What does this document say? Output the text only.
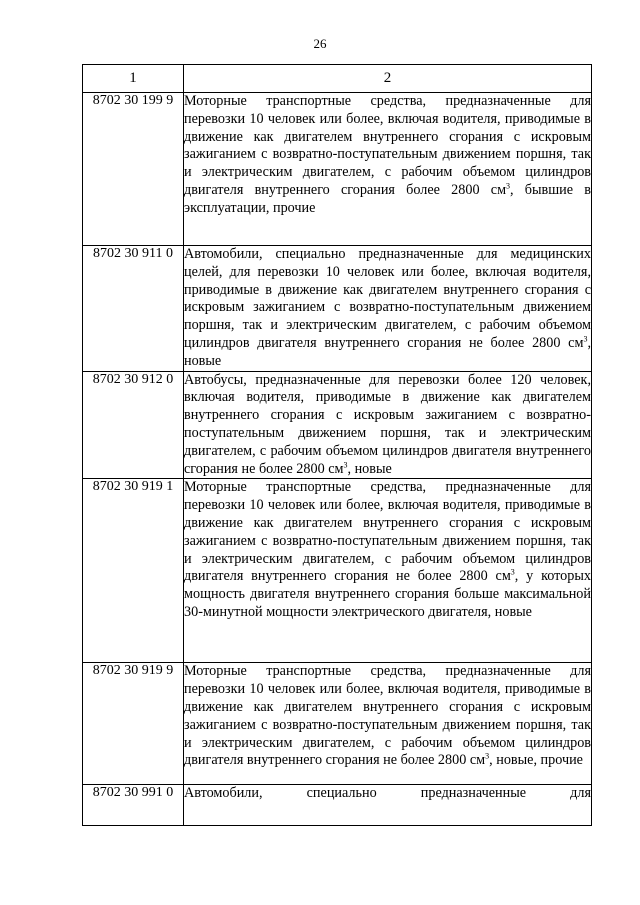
26
1	2
8702 30 199 9	Моторные транспортные средства, предназначенные для перевозки 10 человек или более, включая водителя, приводимые в движение как двигателем внутреннего сгорания с искровым зажиганием с возвратно-поступательным движением поршня, так и электрическим двигателем, с рабочим объемом цилиндров двигателя внутреннего сгорания более 2800 $см^3$, бывшие в эксплуатации, прочие
8702 30 911 0	Автомобили, специально предназначенные для медицинских целей, для перевозки 10 человек или более, включая водителя, приводимые в движение как двигателем внутреннего сгорания с искровым зажиганием с возвратно-поступательным движением поршня, так и электрическим двигателем, с рабочим объемом цилиндров двигателя внутреннего сгорания не более 2800 $см^3$, новые
8702 30 912 0	Автобусы, предназначенные для перевозки более 120 человек, включая водителя, приводимые в движение как двигателем внутреннего сгорания с искровым зажиганием с возвратно-поступательным движением поршня, так и электрическим двигателем, с рабочим объемом цилиндров двигателя внутреннего сгорания не более 2800 $см^3$, новые
8702 30 919 1	Моторные транспортные средства, предназначенные для перевозки 10 человек или более, включая водителя, приводимые в движение как двигателем внутреннего сгорания с искровым зажиганием с возвратно-поступательным движением поршня, так и электрическим двигателем, с рабочим объемом цилиндров двигателя внутреннего сгорания не более 2800 $см^3$, у которых мощность двигателя внутреннего сгорания больше максимальной 30-минутной мощности электрического двигателя, новые
8702 30 919 9	Моторные транспортные средства, предназначенные для перевозки 10 человек или более, включая водителя, приводимые в движение как двигателем внутреннего сгорания с искровым зажиганием с возвратно-поступательным движением поршня, так и электрическим двигателем, с рабочим объемом цилиндров двигателя внутреннего сгорания не более 2800 $см^3$, новые, прочие
8702 30 991 0	Автомобили, специально предназначенные для
